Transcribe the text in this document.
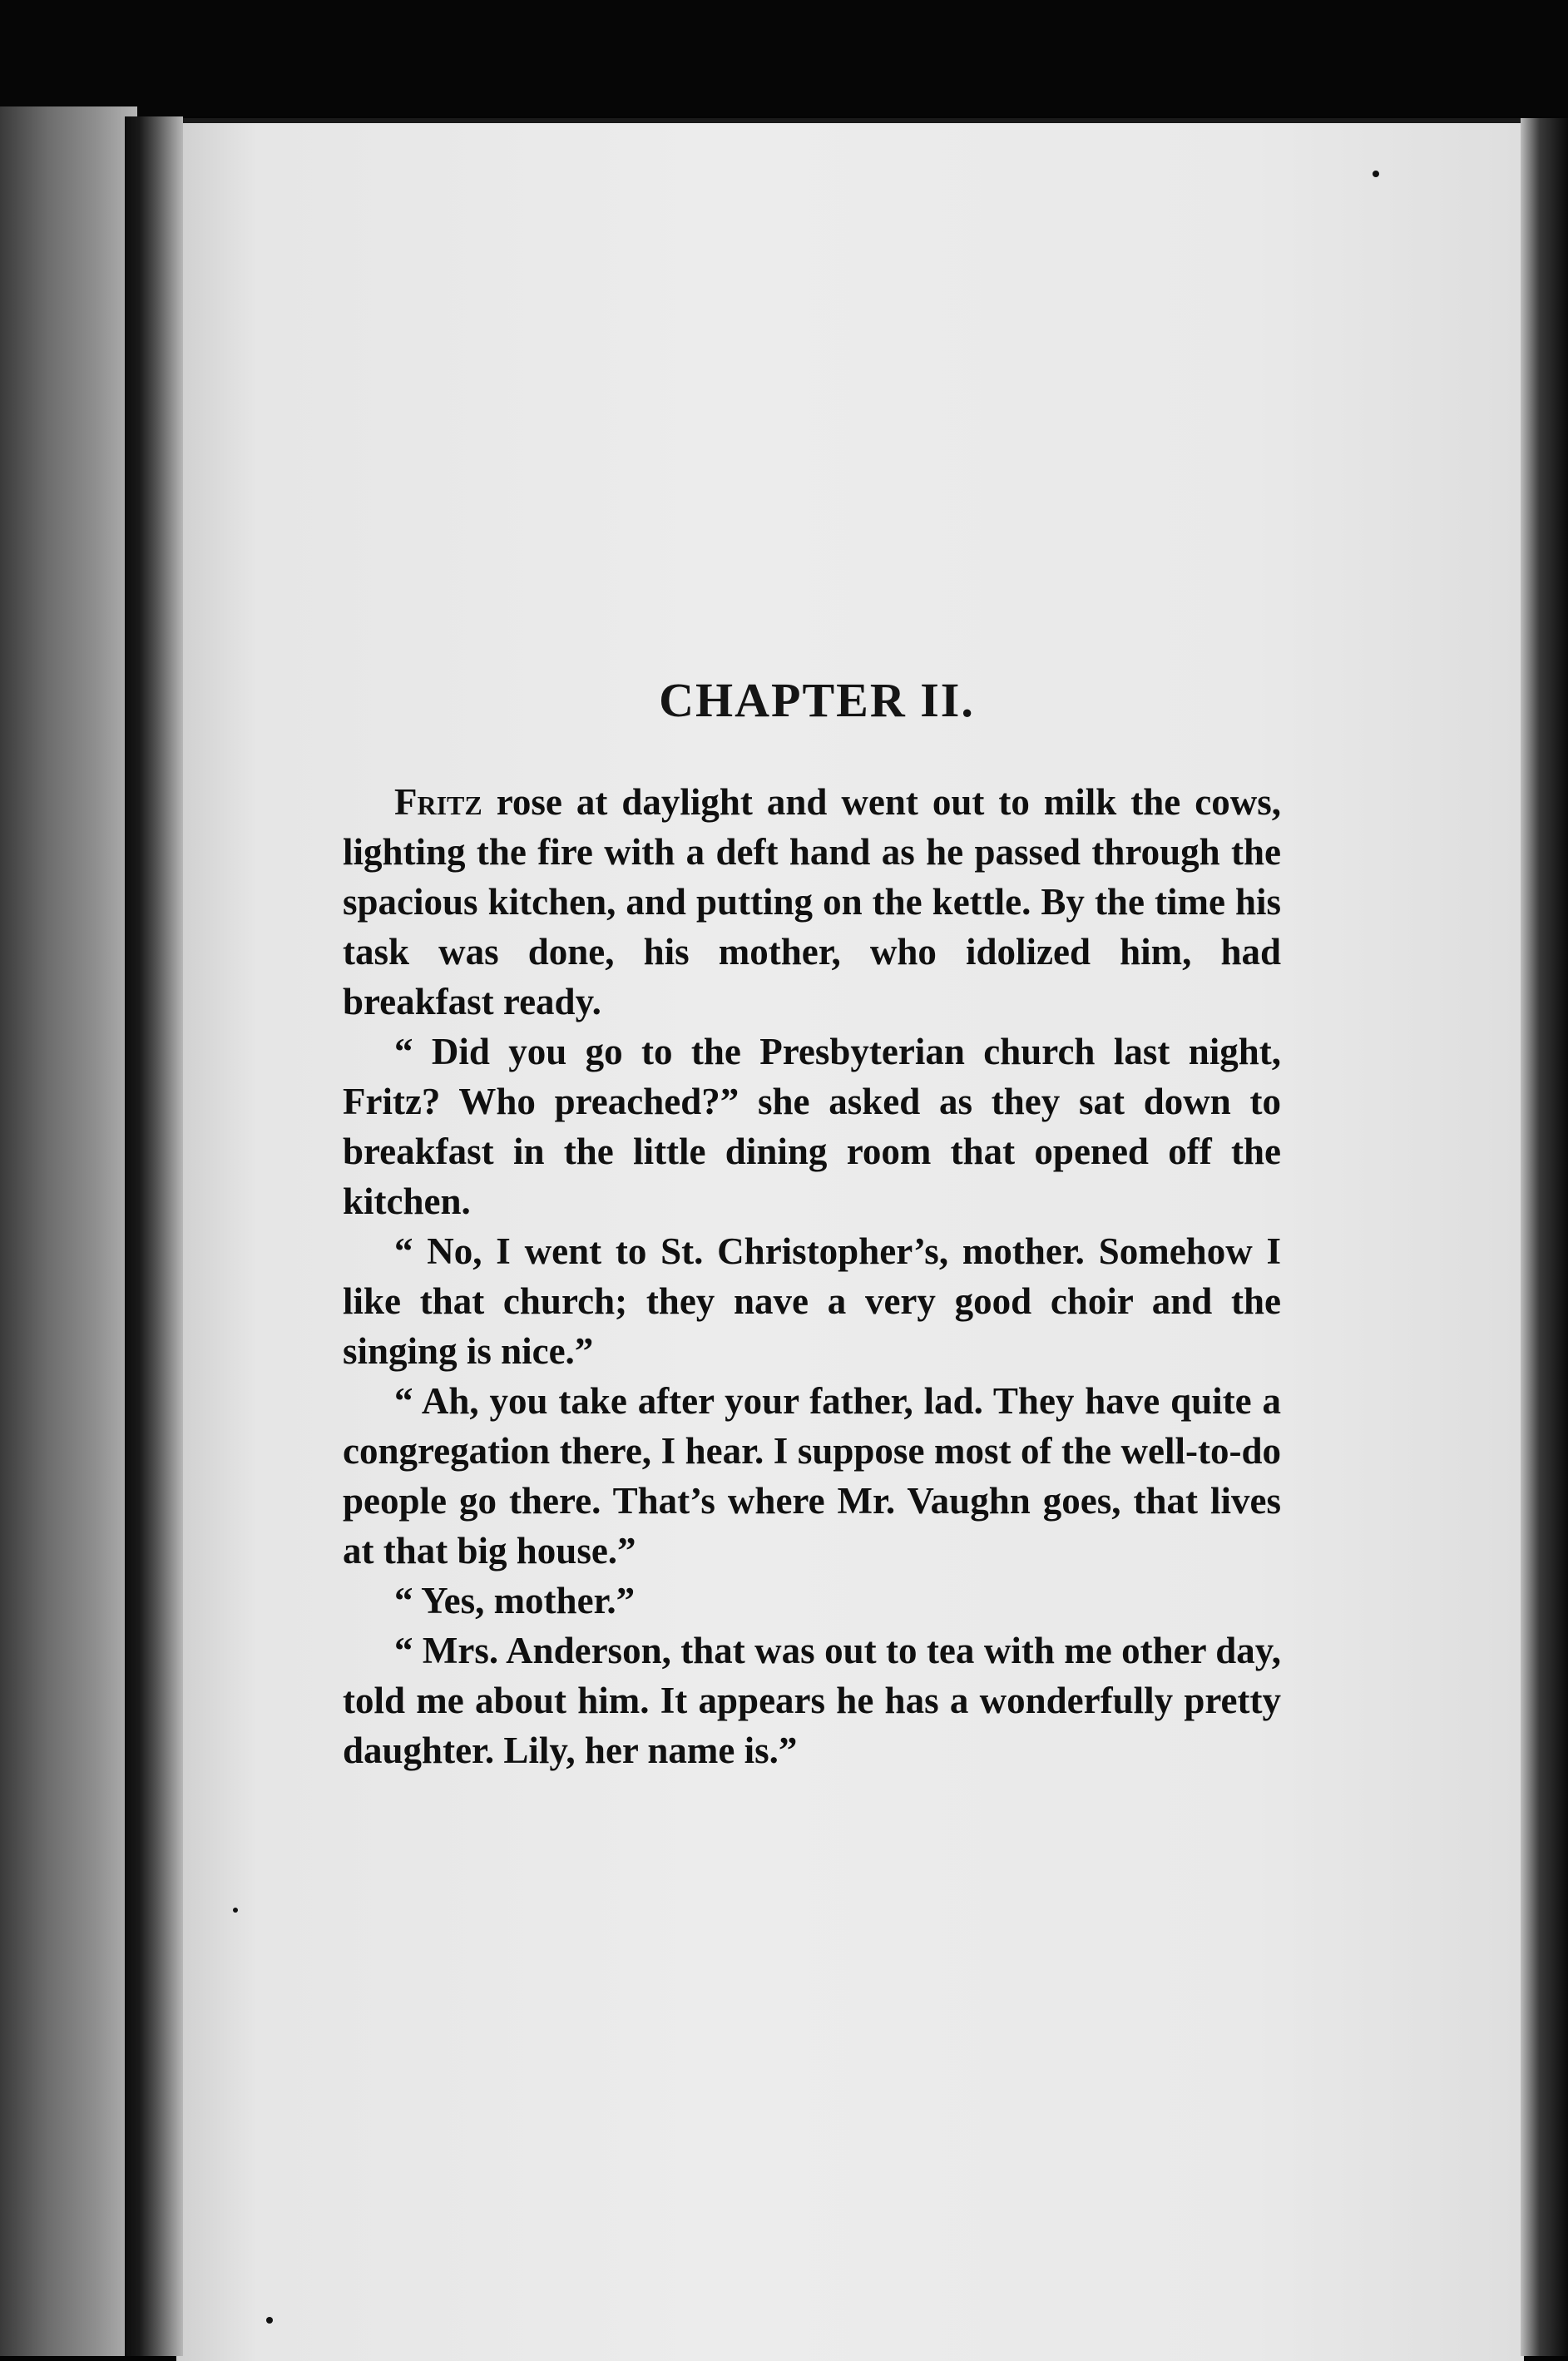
CHAPTER II.

Fritz rose at daylight and went out to milk the cows, lighting the fire with a deft hand as he passed through the spacious kitchen, and putting on the kettle. By the time his task was done, his mother, who idolized him, had breakfast ready.

“ Did you go to the Presbyterian church last night, Fritz? Who preached?” she asked as they sat down to breakfast in the little dining room that opened off the kitchen.

“ No, I went to St. Christopher’s, mother. Somehow I like that church; they nave a very good choir and the singing is nice.”

“ Ah, you take after your father, lad. They have quite a congregation there, I hear. I suppose most of the well-to-do people go there. That’s where Mr. Vaughn goes, that lives at that big house.”

“ Yes, mother.”

“ Mrs. Anderson, that was out to tea with me other day, told me about him. It appears he has a wonderfully pretty daughter. Lily, her name is.”
